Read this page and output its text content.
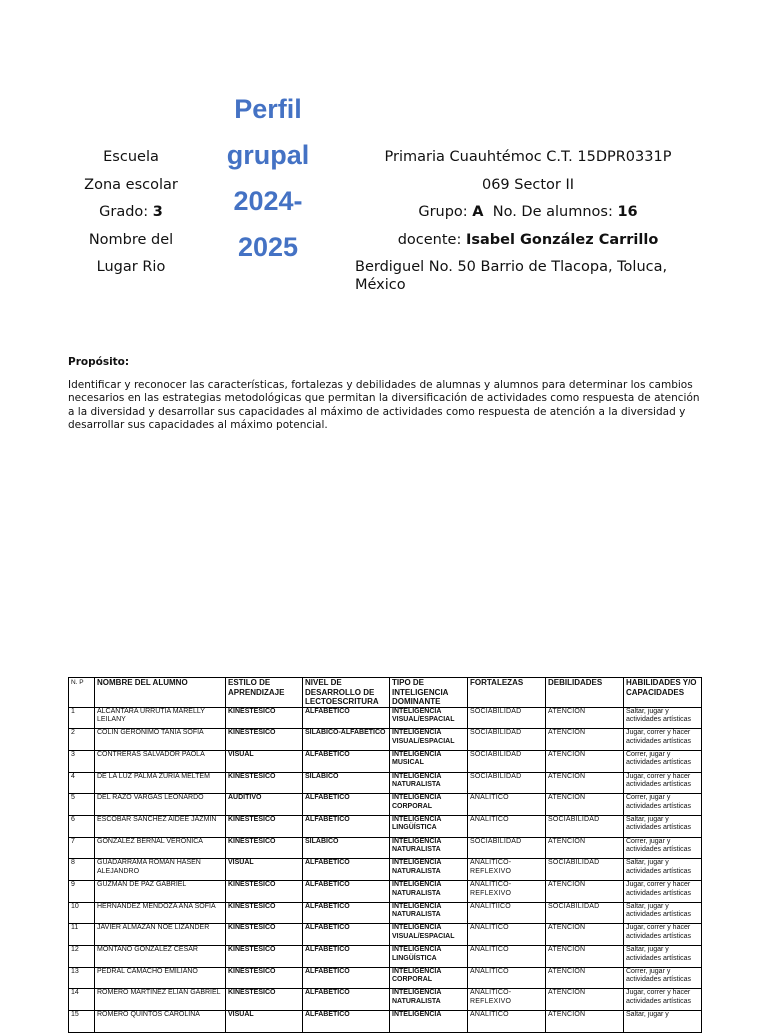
Escuela
Zona escolar
Grado: 3
Nombre del
Lugar Rio
Perfil
grupal
2024-
2025
Primaria Cuauhtémoc C.T. 15DPR0331P
069 Sector II
Grupo: A No. De alumnos: 16
docente: Isabel González Carrillo
Berdiguel No. 50 Barrio de Tlacopa, Toluca, México
Propósito:
Identificar y reconocer las características, fortalezas y debilidades de alumnas y alumnos para determinar los cambios necesarios en las estrategias metodológicas que permitan la diversificación de actividades como respuesta de atención a la diversidad y desarrollar sus capacidades al máximo de actividades como respuesta de atención a la diversidad y desarrollar sus capacidades al máximo potencial.
N. P	NOMBRE DEL ALUMNO	ESTILO DE APRENDIZAJE	NIVEL DE DESARROLLO DE LECTOESCRITURA	TIPO DE INTELIGENCIA DOMINANTE	FORTALEZAS	DEBILIDADES	HABILIDADES Y/O CAPACIDADES
1	ALCANTARA URRUTIA MARELLY LEILANY	KINESTESICO	ALFABETICO	INTELIGENCIA VISUAL/ESPACIAL	SOCIABILIDAD	ATENCION	Saltar, jugar y actividades artísticas
2	COLIN GERONIMO TANIA SOFIA	KINESTESICO	SILABICO-ALFABETICO	INTELIGENCIA VISUAL/ESPACIAL	SOCIABILIDAD	ATENCION	Jugar, correr y hacer actividades artísticas
3	CONTRERAS SALVADOR PAOLA	VISUAL	ALFABETICO	INTELIGENCIA MUSICAL	SOCIABILIDAD	ATENCION	Correr, jugar y actividades artísticas
4	DE LA LUZ PALMA ZURIA MELTEM	KINESTESICO	SILABICO	INTELIGENCIA NATURALISTA	SOCIABILIDAD	ATENCION	Jugar, correr y hacer actividades artísticas
5	DEL RAZO VARGAS LEONARDO	AUDITIVO	ALFABETICO	INTELIGENCIA CORPORAL	ANALITICO	ATENCION	Correr, jugar y actividades artísticas
6	ESCOBAR SANCHEZ AIDEE JAZMIN	KINESTESICO	ALFABETICO	INTELIGENCIA LINGÜÍSTICA	ANALITICO	SOCIABILIDAD	Saltar, jugar y actividades artísticas
7	GONZALEZ BERNAL VERONICA	KINESTESICO	SILABICO	INTELIGENCIA NATURALISTA	SOCIABILIDAD	ATENCION	Correr, jugar y actividades artísticas
8	GUADARRAMA ROMAN HASEN ALEJANDRO	VISUAL	ALFABETICO	INTELIGENCIA NATURALISTA	ANALITICO-REFLEXIVO	SOCIABILIDAD	Saltar, jugar y actividades artísticas
9	GUZMAN DE PAZ GABRIEL	KINESTESICO	ALFABETICO	INTELIGENCIA NATURALISTA	ANALITICO-REFLEXIVO	ATENCION	Jugar, correr y hacer actividades artísticas
10	HERNANDEZ MENDOZA ANA SOFIA	KINESTESICO	ALFABETICO	INTELIGENCIA NATURALISTA	ANALITIICO	SOCIABILIDAD	Saltar, jugar y actividades artísticas
11	JAVIER ALMAZAN NOE LIZANDER	KINESTESICO	ALFABETICO	INTELIGENCIA VISUAL/ESPACIAL	ANALITICO	ATENCION	Jugar, correr y hacer actividades artísticas
12	MONTAÑO GONZALEZ CESAR	KINESTESICO	ALFABETICO	INTELIGENCIA LINGÜÍSTICA	ANALITICO	ATENCION	Saltar, jugar y actividades artísticas
13	PEDRAL CAMACHO EMILIANO	KINESTESICO	ALFABETICO	INTELIGENCIA CORPORAL	ANALITICO	ATENCION	Correr, jugar y actividades artísticas
14	ROMERO MARTINEZ ELIAN GABRIEL	KINESTESICO	ALFABETICO	INTELIGENCIA NATURALISTA	ANALITICO-REFLEXIVO	ATENCION	Jugar, correr y hacer actividades artísticas
15	ROMERO QUINTOS CAROLINA	VISUAL	ALFABETICO	INTELIGENCIA	ANALITICO	ATENCION	Saltar, jugar y
